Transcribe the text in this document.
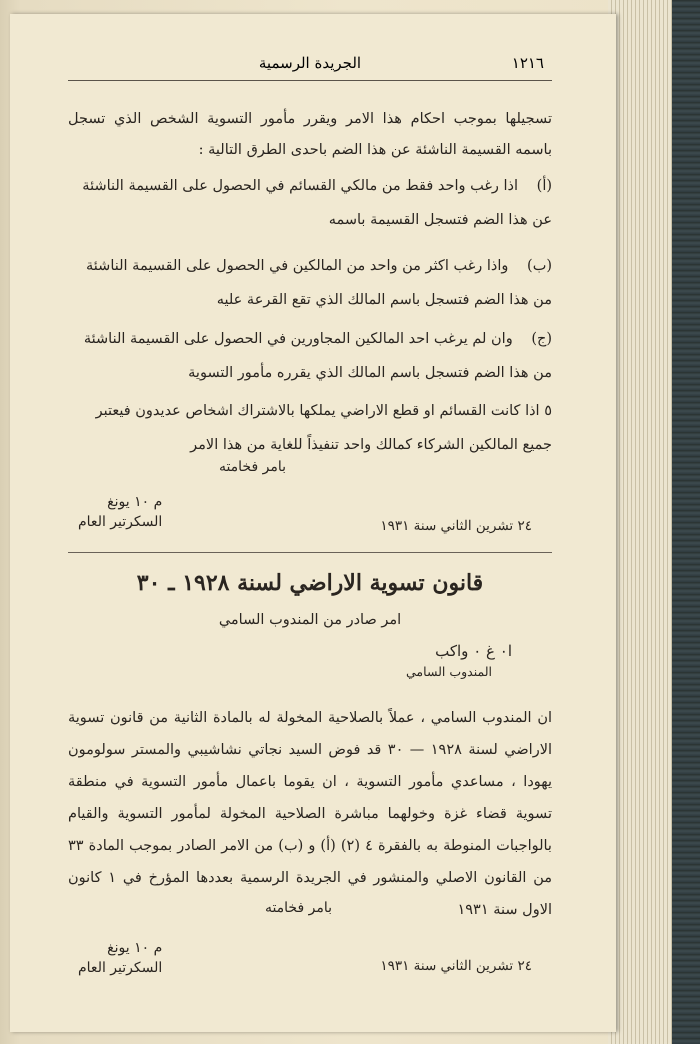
١٢١٦
الجريدة الرسمية

تسجيلها بموجب احكام هذا الامر ويقرر مأمور التسوية الشخص الذي تسجل باسمه القسيمة الناشئة عن هذا الضم باحدى الطرق التالية :

(أ) اذا رغب واحد فقط من مالكي القسائم في الحصول على القسيمة الناشئة عن هذا الضم فتسجل القسيمة باسمه
(ب) واذا رغب اكثر من واحد من المالكين في الحصول على القسيمة الناشئة من هذا الضم فتسجل باسم المالك الذي تقع القرعة عليه
(ج) وان لم يرغب احد المالكين المجاورين في الحصول على القسيمة الناشئة من هذا الضم فتسجل باسم المالك الذي يقرره مأمور التسوية
٥ اذا كانت القسائم او قطع الاراضي يملكها بالاشتراك اشخاص عديدون فيعتبر جميع المالكين الشركاء كمالك واحد تنفيذاً للغاية من هذا الامر
بامر فخامته
م ١٠ يونغ
السكرتير العام	٢٤ تشرين الثاني سنة ١٩٣١
قانون تسوية الاراضي لسنة ١٩٢٨ ـ ٣٠
امر صادر من المندوب السامي
ا٠ غ ٠ واكب
المندوب السامي

ان المندوب السامي ، عملاً بالصلاحية المخولة له بالمادة الثانية من قانون تسوية الاراضي لسنة ١٩٢٨ — ٣٠ قد فوض السيد نجاتي نشاشيبي والمستر سولومون يهودا ، مساعدي مأمور التسوية ، ان يقوما باعمال مأمور التسوية في منطقة تسوية قضاء غزة وخولهما مباشرة الصلاحية المخولة لمأمور التسوية والقيام بالواجبات المنوطة به بالفقرة ٤ (٢) (أ) و (ب) من الامر الصادر بموجب المادة ٣٣ من القانون الاصلي والمنشور في الجريدة الرسمية بعددها المؤرخ في ١ كانون الاول سنة ١٩٣١

بامر فخامته
م ١٠ يونغ
السكرتير العام	٢٤ تشرين الثاني سنة ١٩٣١
